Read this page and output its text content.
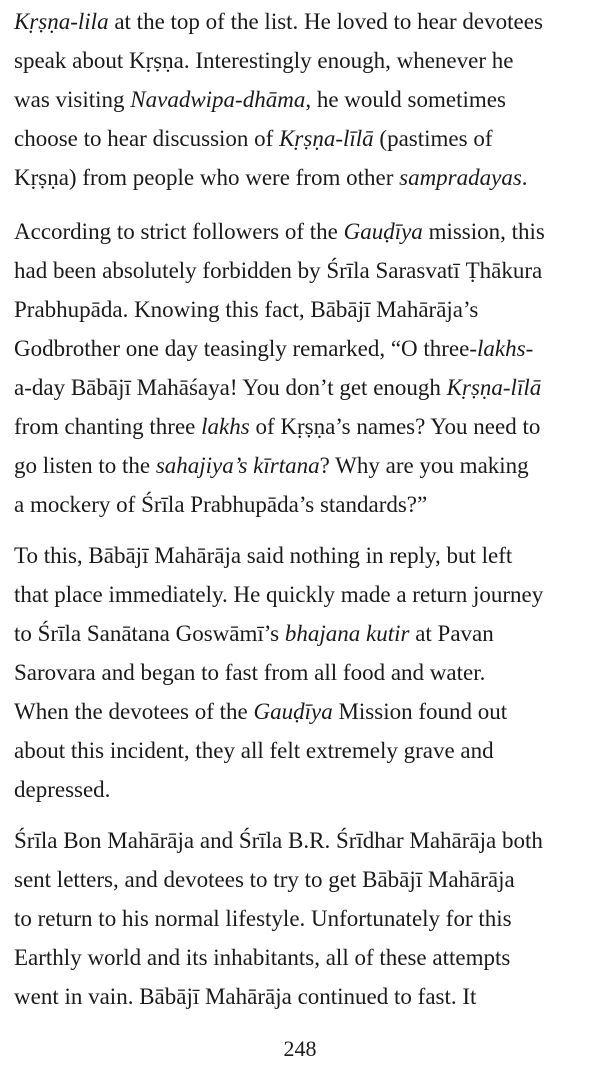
Kṛṣṇa-lila at the top of the list. He loved to hear devotees
speak about Kṛṣṇa. Interestingly enough, whenever he
was visiting Navadwipa-dhāma, he would sometimes
choose to hear discussion of Kṛṣṇa-līlā (pastimes of
Kṛṣṇa) from people who were from other sampradayas.
According to strict followers of the Gauḍīya mission, this
had been absolutely forbidden by Śrīla Sarasvatī Ṭhākura
Prabhupāda. Knowing this fact, Bābājī Mahārāja’s
Godbrother one day teasingly remarked, “O three-lakhs-
a-day Bābājī Mahāśaya! You don’t get enough Kṛṣṇa-līlā
from chanting three lakhs of Kṛṣṇa’s names? You need to
go listen to the sahajiya’s kīrtana? Why are you making
a mockery of Śrīla Prabhupāda’s standards?”
To this, Bābājī Mahārāja said nothing in reply, but left
that place immediately. He quickly made a return journey
to Śrīla Sanātana Goswāmī’s bhajana kutir at Pavan
Sarovara and began to fast from all food and water.
When the devotees of the Gauḍīya Mission found out
about this incident, they all felt extremely grave and
depressed.
Śrīla Bon Mahārāja and Śrīla B.R. Śrīdhar Mahārāja both
sent letters, and devotees to try to get Bābājī Mahārāja
to return to his normal lifestyle. Unfortunately for this
Earthly world and its inhabitants, all of these attempts
went in vain. Bābājī Mahārāja continued to fast. It
248
